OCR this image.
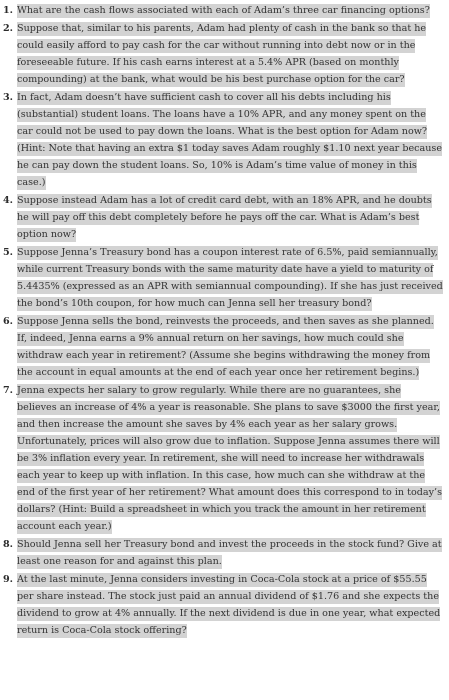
1. What are the cash flows associated with each of Adam’s three car financing options?
2. Suppose that, similar to his parents, Adam had plenty of cash in the bank so that he could easily afford to pay cash for the car without running into debt now or in the foreseeable future. If his cash earns interest at a 5.4% APR (based on monthly compounding) at the bank, what would be his best purchase option for the car?
3. In fact, Adam doesn’t have sufficient cash to cover all his debts including his (substantial) student loans. The loans have a 10% APR, and any money spent on the car could not be used to pay down the loans. What is the best option for Adam now? (Hint: Note that having an extra $1 today saves Adam roughly $1.10 next year because he can pay down the student loans. So, 10% is Adam’s time value of money in this case.)
4. Suppose instead Adam has a lot of credit card debt, with an 18% APR, and he doubts he will pay off this debt completely before he pays off the car. What is Adam’s best option now?
5. Suppose Jenna’s Treasury bond has a coupon interest rate of 6.5%, paid semiannually, while current Treasury bonds with the same maturity date have a yield to maturity of 5.4435% (expressed as an APR with semiannual compounding). If she has just received the bond’s 10th coupon, for how much can Jenna sell her treasury bond?
6. Suppose Jenna sells the bond, reinvests the proceeds, and then saves as she planned. If, indeed, Jenna earns a 9% annual return on her savings, how much could she withdraw each year in retirement? (Assume she begins withdrawing the money from the account in equal amounts at the end of each year once her retirement begins.)
7. Jenna expects her salary to grow regularly. While there are no guarantees, she believes an increase of 4% a year is reasonable. She plans to save $3000 the first year, and then increase the amount she saves by 4% each year as her salary grows. Unfortunately, prices will also grow due to inflation. Suppose Jenna assumes there will be 3% inflation every year. In retirement, she will need to increase her withdrawals each year to keep up with inflation. In this case, how much can she withdraw at the end of the first year of her retirement? What amount does this correspond to in today’s dollars? (Hint: Build a spreadsheet in which you track the amount in her retirement account each year.)
8. Should Jenna sell her Treasury bond and invest the proceeds in the stock fund? Give at least one reason for and against this plan.
9. At the last minute, Jenna considers investing in Coca-Cola stock at a price of $55.55 per share instead. The stock just paid an annual dividend of $1.76 and she expects the dividend to grow at 4% annually. If the next dividend is due in one year, what expected return is Coca-Cola stock offering?
